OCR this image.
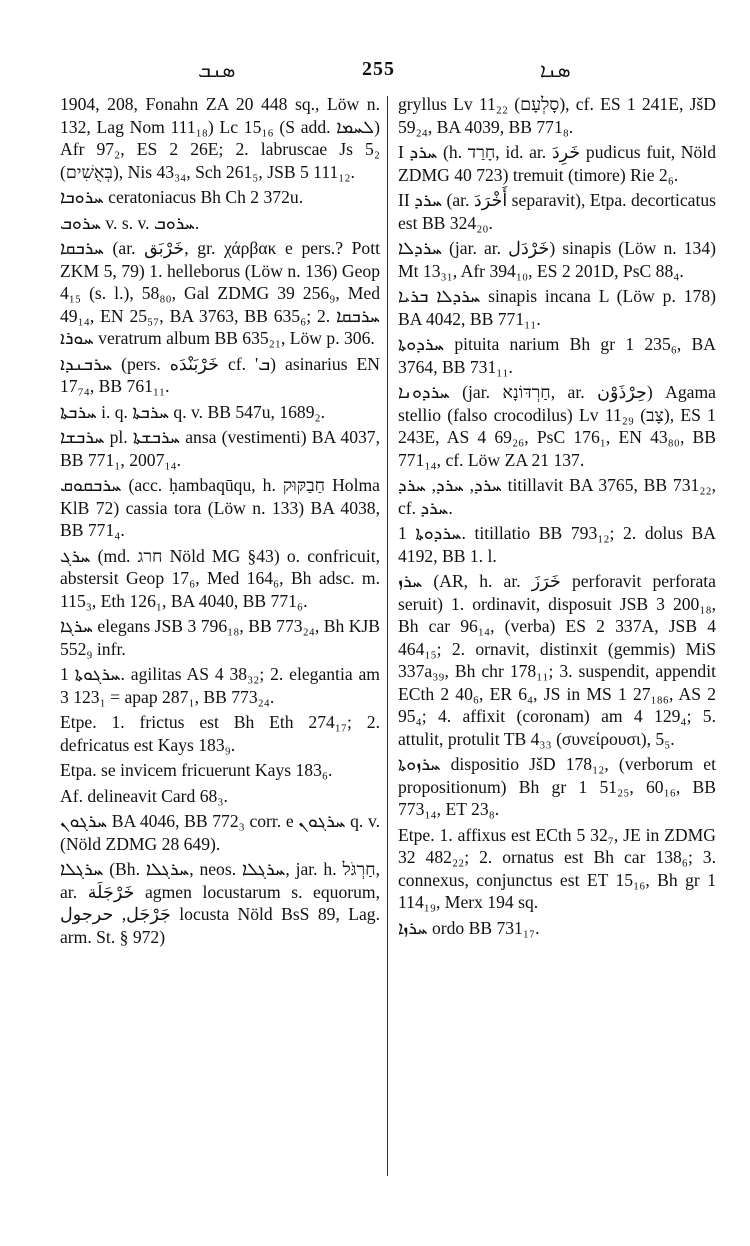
ܣܢܒ	255	ܣܢܐ

1904, 208, Fonahn ZA 20 448 sq., Löw n. 132, Lag Nom 111₁₈) Lc 15₁₆ (S add. ܠܚܡܐ) Afr 97₂, ES 2 26E; 2. labruscae Js 5₂ (בְּאֻשִׁים), Nis 43₃₄, Sch 261₅, JSB 5 111₁₂.

ܚܪܘܒܐ ceratoniacus Bh Ch 2 372u.

ܚܪܘܒ v. s. v. ܚܪܘܒ.

ܚܪܒܩܐ (ar. خَرْبَق, gr. χάρβακ e pers.? Pott ZKM 5, 79) 1. helleborus (Löw n. 136) Geop 4₁₅ (s. l.), 58₈₀, Gal ZDMG 39 256₉, Med 49₁₄, EN 25₅₇, BA 3763, BB 635₆; 2. ܚܪܒܩܐ ܚܘܪܐ veratrum album BB 635₂₁, Löw p. 306.

ܚܪܒܢܕܐ (pers. خَرْبَنْدَه cf. 'ܒ) asinarius EN 17₇₄, BB 761₁₁.

ܚܪܒܬܐ i. q. ܚܪܒܬܐ q. v. BB 547u, 1689₂.

ܚܪܒܫܐ pl. ܚܪܒܫܬܐ ansa (vestimenti) BA 4037, BB 771₁, 2007₁₄.

ܚܪܒܩܘܩ (acc. ḥambaqūqu, h. חַבַקּוּק Holma KlB 72) cassia tora (Löw n. 133) BA 4038, BB 771₄.

ܚܪܓ (md. חרג Nöld MG §43) o. confricuit, abstersit Geop 17₆, Med 164₆, Bh adsc. m. 115₃, Eth 126₁, BA 4040, BB 771₆.

ܚܪܓܐ elegans JSB 3 796₁₈, BB 773₂₄, Bh KJB 552₉ infr.

ܚܪܓܘܬܐ 1. agilitas AS 4 38₃₂; 2. elegantia am 3 123₁ = apap 287₁, BB 773₂₄.

Etpe. 1. frictus est Bh Eth 274₁₇; 2. defricatus est Kays 183₉.

Etpa. se invicem fricuerunt Kays 183₆.

Af. delineavit Card 68₃.

ܚܪܓܘܢ BA 4046, BB 772₃ corr. e ܚܪܓܘܢ q. v. (Nöld ZDMG 28 649).

ܚܪܓܠܐ (Bh. ܚܪܓܠܐ, neos. ܚܪܓܠܐ, jar. h. חַרְגֹּל, ar. خَرْجَلَة agmen locustarum s. equorum, جَرْجَل, حرجول locusta Nöld BsS 89, Lag. arm. St. § 972)

gryllus Lv 11₂₂ (סָלְעָם), cf. ES 1 241E, JšD 59₂₄, BA 4039, BB 771₈.

I ܚܪܕ (h. חָרַד, id. ar. خَرِدَ pudicus fuit, Nöld ZDMG 40 723) tremuit (timore) Rie 2₆.

II ܚܪܕ (ar. أَخْرَدَ separavit), Etpa. decorticatus est BB 324₂₀.

ܚܪܕܠܐ (jar. ar. خَرْدَل) sinapis (Löw n. 134) Mt 13₃₁, Afr 394₁₀, ES 2 201D, PsC 88₄.

ܚܪܕܠܐ ܒܪܝܐ sinapis incana L (Löw p. 178) BA 4042, BB 771₁₁.

ܚܪܕܘܬܐ pituita narium Bh gr 1 235₆, BA 3764, BB 731₁₁.

ܚܪܕܘܢܐ (jar. חַרְדּוֹנָא, ar. حِرْذَوْن) Agama stellio (falso crocodilus) Lv 11₂₉ (צָב), ES 1 243E, AS 4 69₂₆, PsC 176₁, EN 43₈₀, BB 771₁₄, cf. Löw ZA 21 137.

ܚܪܕ, ܚܪܕ, ܚܪܕ titillavit BA 3765, BB 731₂₂, cf. ܚܪܕ.

ܚܪܕܘܬܐ 1. titillatio BB 793₁₂; 2. dolus BA 4192, BB 1. l.

ܚܪܙ (AR, h. ar. خَرَزَ perforavit perforata seruit) 1. ordinavit, disposuit JSB 3 200₁₈, Bh car 96₁₄, (verba) ES 2 337A, JSB 4 464₁₅; 2. ornavit, distinxit (gemmis) MiS 337a₃₉, Bh chr 178₁₁; 3. suspendit, appendit ECth 2 40₆, ER 6₄, JS in MS 1 27₁₈₆, AS 2 95₄; 4. affixit (coronam) am 4 129₄; 5. attulit, protulit TB 4₃₃ (συνείρουσι), 5₅.

ܚܪܙܘܬܐ dispositio JšD 178₁₂, (verborum et propositionum) Bh gr 1 51₂₅, 60₁₆, BB 773₁₄, ET 23₈.

Etpe. 1. affixus est ECth 5 32₇, JE in ZDMG 32 482₂₂; 2. ornatus est Bh car 138₆; 3. connexus, conjunctus est ET 15₁₆, Bh gr 1 114₁₉, Merx 194 sq.

ܚܪܙܐ ordo BB 731₁₇.
